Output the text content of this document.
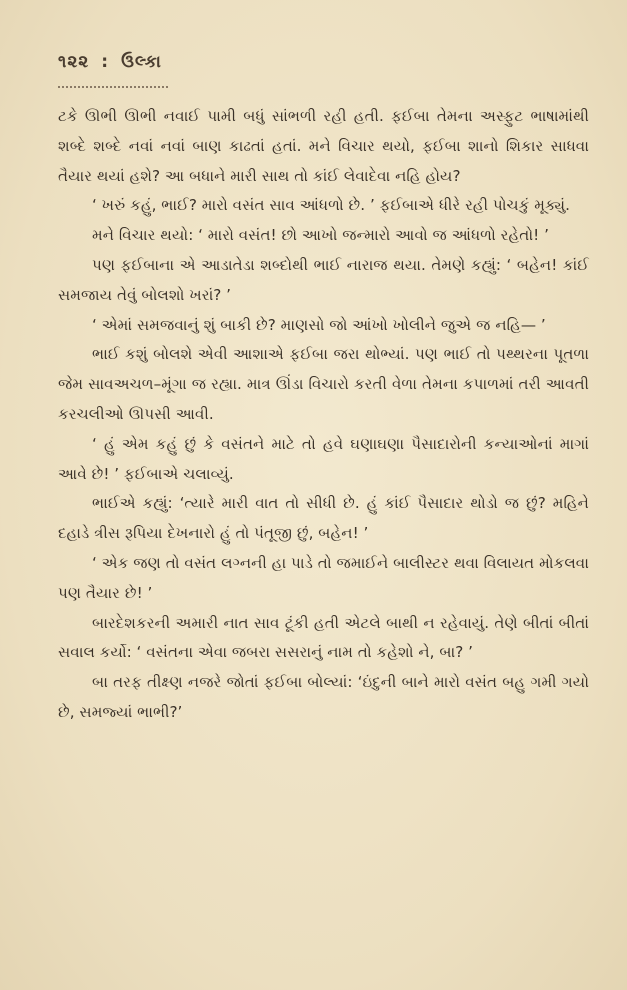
૧૨૨ : ઉલ્કા

ટકે ઊભી ઊભી નવાઈ પામી બધું સાંભળી રહી હતી. ફઈબા તેમના અસ્ફુટ ભાષામાંથી શબ્દે શબ્દે નવાં નવાં બાણ કાઢતાં હતાં. મને વિચાર થયો, ફઈબા શાનો શિકાર સાધવા તૈયાર થયાં હશે? આ બધાને મારી સાથ તો કાંઈ લેવાદેવા નહિ હોય?

‘ ખરું કહું, ભાઈ? મારો વસંત સાવ આંધળો છે. ’ ફઈબાએ ધીરે રહી પોચકું મૂક્યું.

મને વિચાર થયો: ‘ મારો વસંત! છો આખો જન્મારો આવો જ આંધળો રહેતો! ’

પણ ફઈબાના એ આડાતેડા શબ્દોથી ભાઈ નારાજ થયા. તેમણે કહ્યું: ‘ બહેન! કાંઈ સમજાય તેવું બોલશો ખરાં? ’

‘ એમાં સમજવાનું શું બાકી છે? માણસો જો આંખો ખોલીને જુએ જ નહિ— ’

ભાઈ કશું બોલશે એવી આશાએ ફઈબા જરા થોભ્યાં. પણ ભાઈ તો પથ્થરના પૂતળા જેમ સાવઅચળ–મૂંગા જ રહ્યા. માત્ર ઊંડા વિચારો કરતી વેળા તેમના કપાળમાં તરી આવતી કરચલીઓ ઊપસી આવી.

‘ હું એમ કહું છું કે વસંતને માટે તો હવે ઘણાઘણા પૈસાદારોની કન્યાઓનાં માગાં આવે છે! ’ ફઈબાએ ચલાવ્યું.

ભાઈએ કહ્યું: ‘ત્યારે મારી વાત તો સીધી છે. હું કાંઈ પૈસાદાર થોડો જ છું? મહિને દહાડે ત્રીસ રૂપિયા દેખનારો હું તો પંતૂજી છું, બહેન! ’

‘ એક જણ તો વસંત લગ્નની હા પાડે તો જમાઈને બાલીસ્ટર થવા વિલાયત મોકલવા પણ તૈયાર છે! ’

બારદેશકરની અમારી નાત સાવ ટૂંકી હતી એટલે બાથી ન રહેવાયું. તેણે બીતાં બીતાં સવાલ કર્યો: ‘ વસંતના એવા જબરા સસરાનું નામ તો કહેશો ને, બા? ’

બા તરફ તીક્ષ્ણ નજરે જોતાં ફઈબા બોલ્યાં: ‘ઇંદુની બાને મારો વસંત બહુ ગમી ગયો છે, સમજ્યાં ભાભી?’
